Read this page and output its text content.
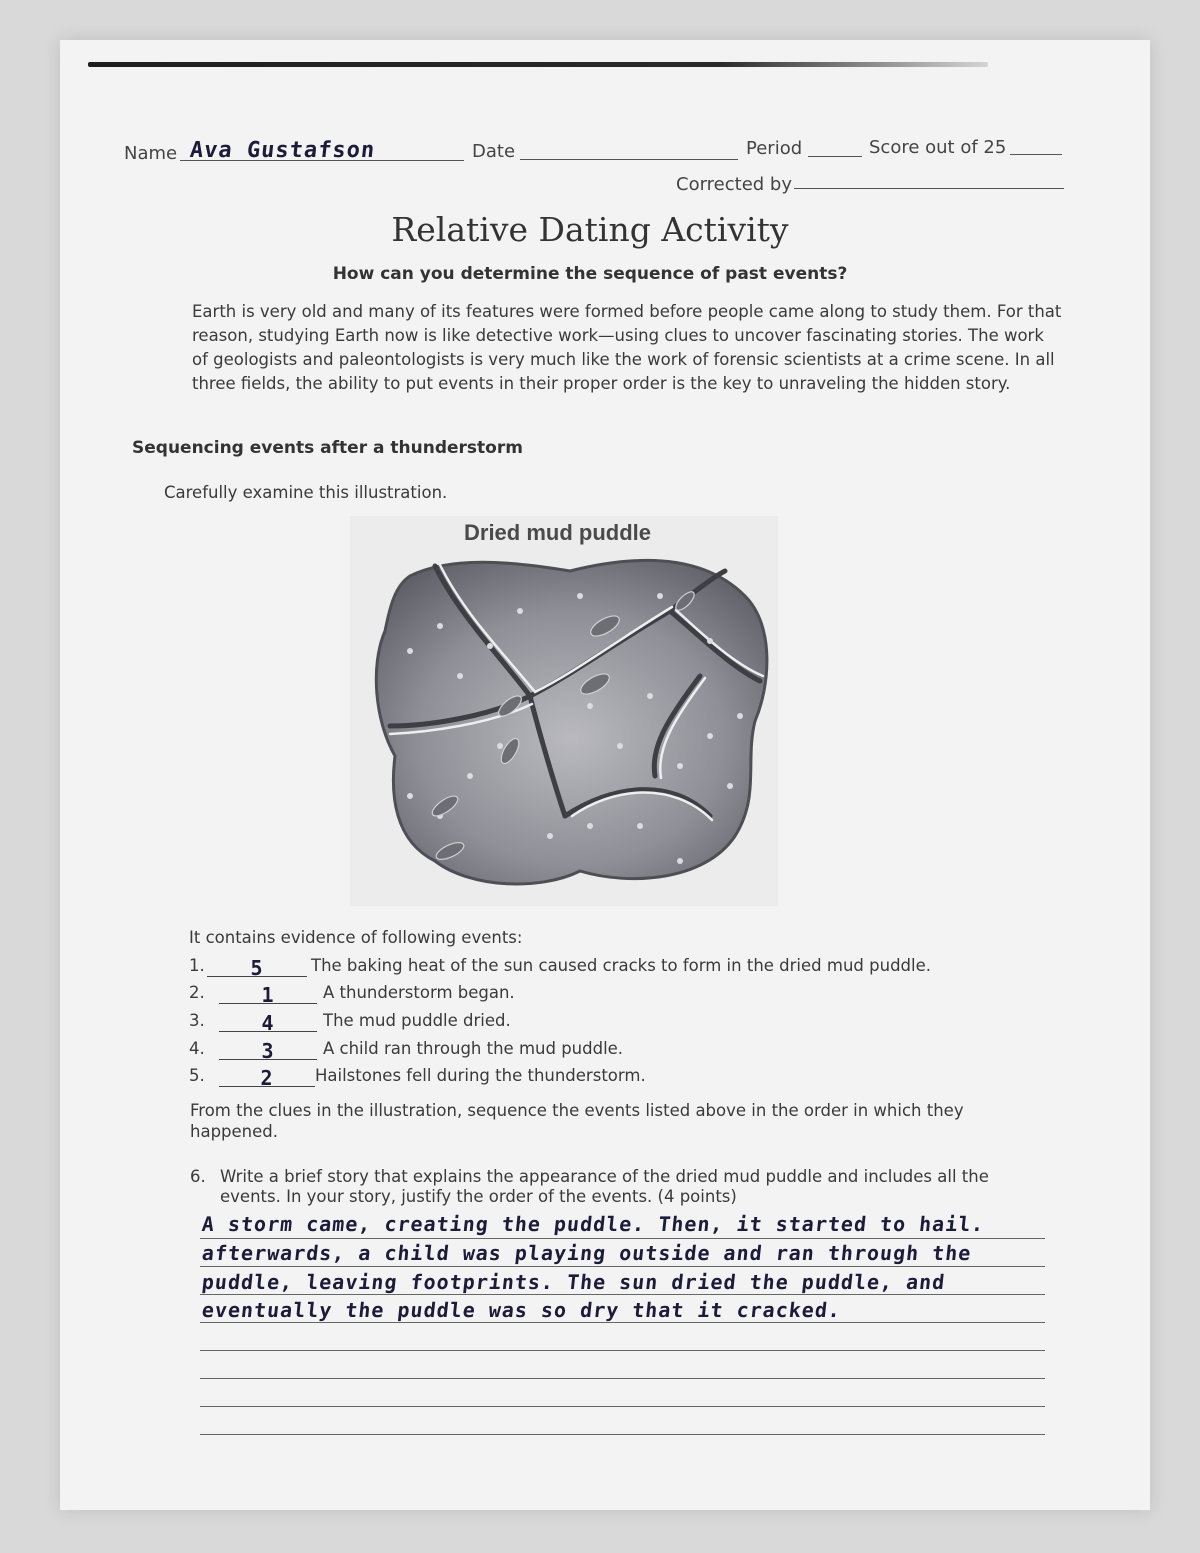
Name Ava Gustafson	Date	Period	Score out of 25
Corrected by
Relative Dating Activity
How can you determine the sequence of past events?
Earth is very old and many of its features were formed before people came along to study them. For that reason, studying Earth now is like detective work—using clues to uncover fascinating stories. The work of geologists and paleontologists is very much like the work of forensic scientists at a crime scene. In all three fields, the ability to put events in their proper order is the key to unraveling the hidden story.
Sequencing events after a thunderstorm
Carefully examine this illustration.
Dried mud puddle
It contains evidence of following events:
1.	5	The baking heat of the sun caused cracks to form in the dried mud puddle.
2.	1	A thunderstorm began.
3.	4	The mud puddle dried.
4.	3	A child ran through the mud puddle.
5.	2	Hailstones fell during the thunderstorm.
From the clues in the illustration, sequence the events listed above in the order in which they happened.
6. Write a brief story that explains the appearance of the dried mud puddle and includes all the events. In your story, justify the order of the events. (4 points)
A storm came, creating the puddle. Then, it started to hail.
afterwards, a child was playing outside and ran through the
puddle, leaving footprints. The sun dried the puddle, and
eventually the puddle was so dry that it cracked.
